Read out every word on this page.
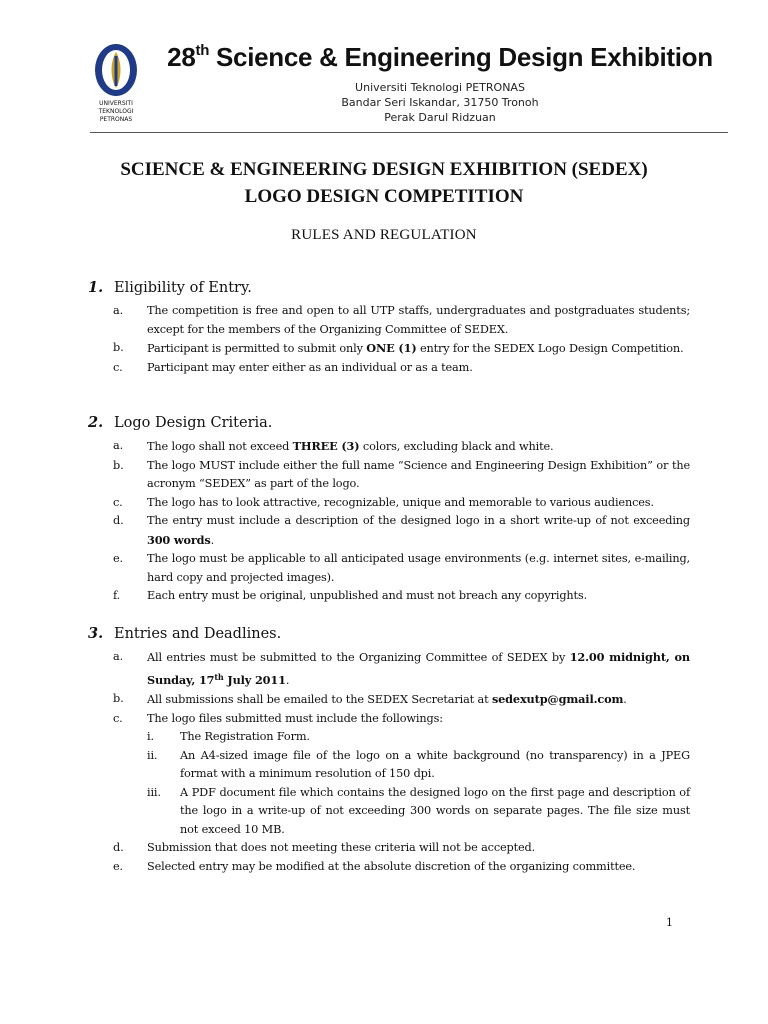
UNIVERSITI
TEKNOLOGI
PETRONAS
28th Science & Engineering Design Exhibition
Universiti Teknologi PETRONAS
Bandar Seri Iskandar, 31750 Tronoh
Perak Darul Ridzuan
SCIENCE & ENGINEERING DESIGN EXHIBITION (SEDEX)
LOGO DESIGN COMPETITION
RULES AND REGULATION
1. Eligibility of Entry.
a. The competition is free and open to all UTP staffs, undergraduates and postgraduates students; except for the members of the Organizing Committee of SEDEX.
b. Participant is permitted to submit only ONE (1) entry for the SEDEX Logo Design Competition.
c. Participant may enter either as an individual or as a team.
2. Logo Design Criteria.
a. The logo shall not exceed THREE (3) colors, excluding black and white.
b. The logo MUST include either the full name “Science and Engineering Design Exhibition” or the acronym “SEDEX” as part of the logo.
c. The logo has to look attractive, recognizable, unique and memorable to various audiences.
d. The entry must include a description of the designed logo in a short write-up of not exceeding 300 words.
e. The logo must be applicable to all anticipated usage environments (e.g. internet sites, e-mailing, hard copy and projected images).
f. Each entry must be original, unpublished and must not breach any copyrights.
3. Entries and Deadlines.
a. All entries must be submitted to the Organizing Committee of SEDEX by 12.00 midnight, on Sunday, 17th July 2011.
b. All submissions shall be emailed to the SEDEX Secretariat at sedexutp@gmail.com.
c. The logo files submitted must include the followings:
i. The Registration Form.
ii. An A4-sized image file of the logo on a white background (no transparency) in a JPEG format with a minimum resolution of 150 dpi.
iii. A PDF document file which contains the designed logo on the first page and description of the logo in a write-up of not exceeding 300 words on separate pages. The file size must not exceed 10 MB.
d. Submission that does not meeting these criteria will not be accepted.
e. Selected entry may be modified at the absolute discretion of the organizing committee.
1
